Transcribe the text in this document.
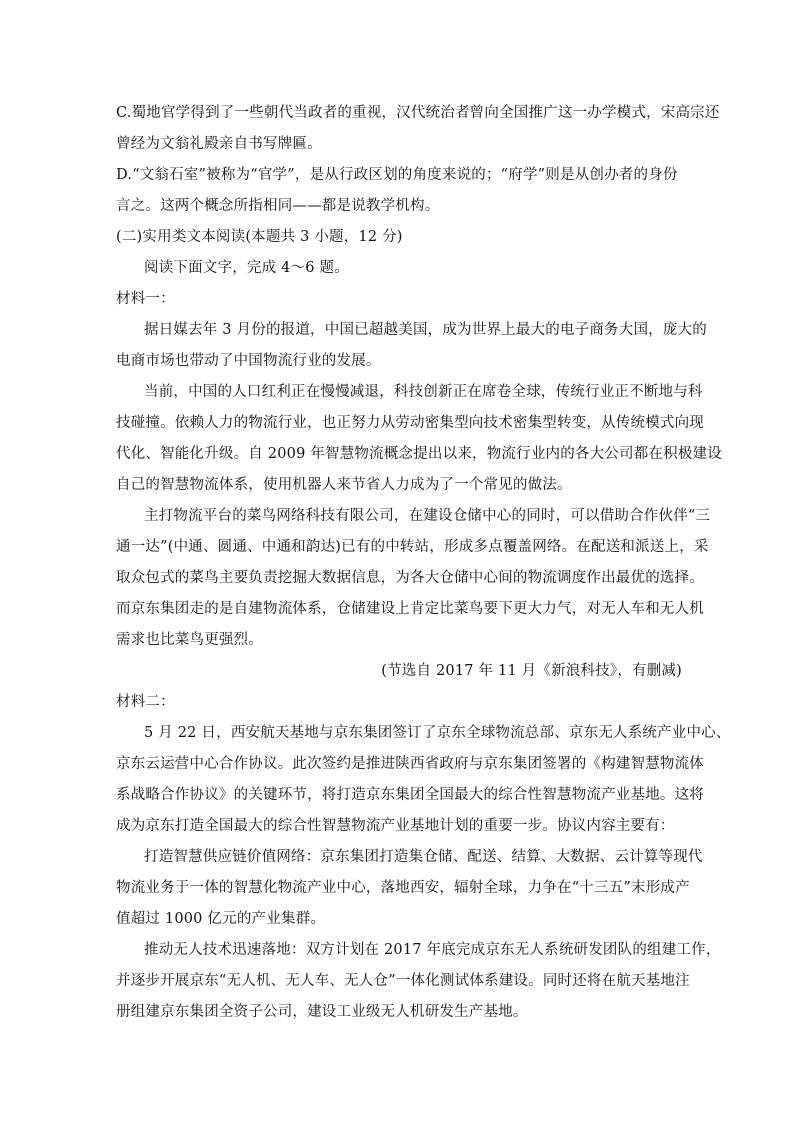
C.蜀地官学得到了一些朝代当政者的重视，汉代统治者曾向全国推广这一办学模式，宋高宗还
曾经为文翁礼殿亲自书写牌匾。
D.“文翁石室”被称为“官学”，是从行政区划的角度来说的；“府学”则是从创办者的身份
言之。这两个概念所指相同——都是说教学机构。
(二)实用类文本阅读(本题共 3 小题，12 分)
阅读下面文字，完成 4～6 题。
材料一：
据日媒去年 3 月份的报道，中国已超越美国，成为世界上最大的电子商务大国，庞大的
电商市场也带动了中国物流行业的发展。
当前，中国的人口红利正在慢慢减退，科技创新正在席卷全球，传统行业正不断地与科
技碰撞。依赖人力的物流行业，也正努力从劳动密集型向技术密集型转变，从传统模式向现
代化、智能化升级。自 2009 年智慧物流概念提出以来，物流行业内的各大公司都在积极建设
自己的智慧物流体系，使用机器人来节省人力成为了一个常见的做法。
主打物流平台的菜鸟网络科技有限公司，在建设仓储中心的同时，可以借助合作伙伴“三
通一达”(中通、圆通、中通和韵达)已有的中转站，形成多点覆盖网络。在配送和派送上，采
取众包式的菜鸟主要负责挖掘大数据信息，为各大仓储中心间的物流调度作出最优的选择。
而京东集团走的是自建物流体系，仓储建设上肯定比菜鸟要下更大力气，对无人车和无人机
需求也比菜鸟更强烈。
(节选自 2017 年 11 月《新浪科技》，有删减)
材料二：
5 月 22 日，西安航天基地与京东集团签订了京东全球物流总部、京东无人系统产业中心、
京东云运营中心合作协议。此次签约是推进陕西省政府与京东集团签署的《构建智慧物流体
系战略合作协议》的关键环节，将打造京东集团全国最大的综合性智慧物流产业基地。这将
成为京东打造全国最大的综合性智慧物流产业基地计划的重要一步。协议内容主要有：
打造智慧供应链价值网络：京东集团打造集仓储、配送、结算、大数据、云计算等现代
物流业务于一体的智慧化物流产业中心，落地西安，辐射全球，力争在“十三五”末形成产
值超过 1000 亿元的产业集群。
推动无人技术迅速落地：双方计划在 2017 年底完成京东无人系统研发团队的组建工作，
并逐步开展京东“无人机、无人车、无人仓”一体化测试体系建设。同时还将在航天基地注
册组建京东集团全资子公司，建设工业级无人机研发生产基地。
